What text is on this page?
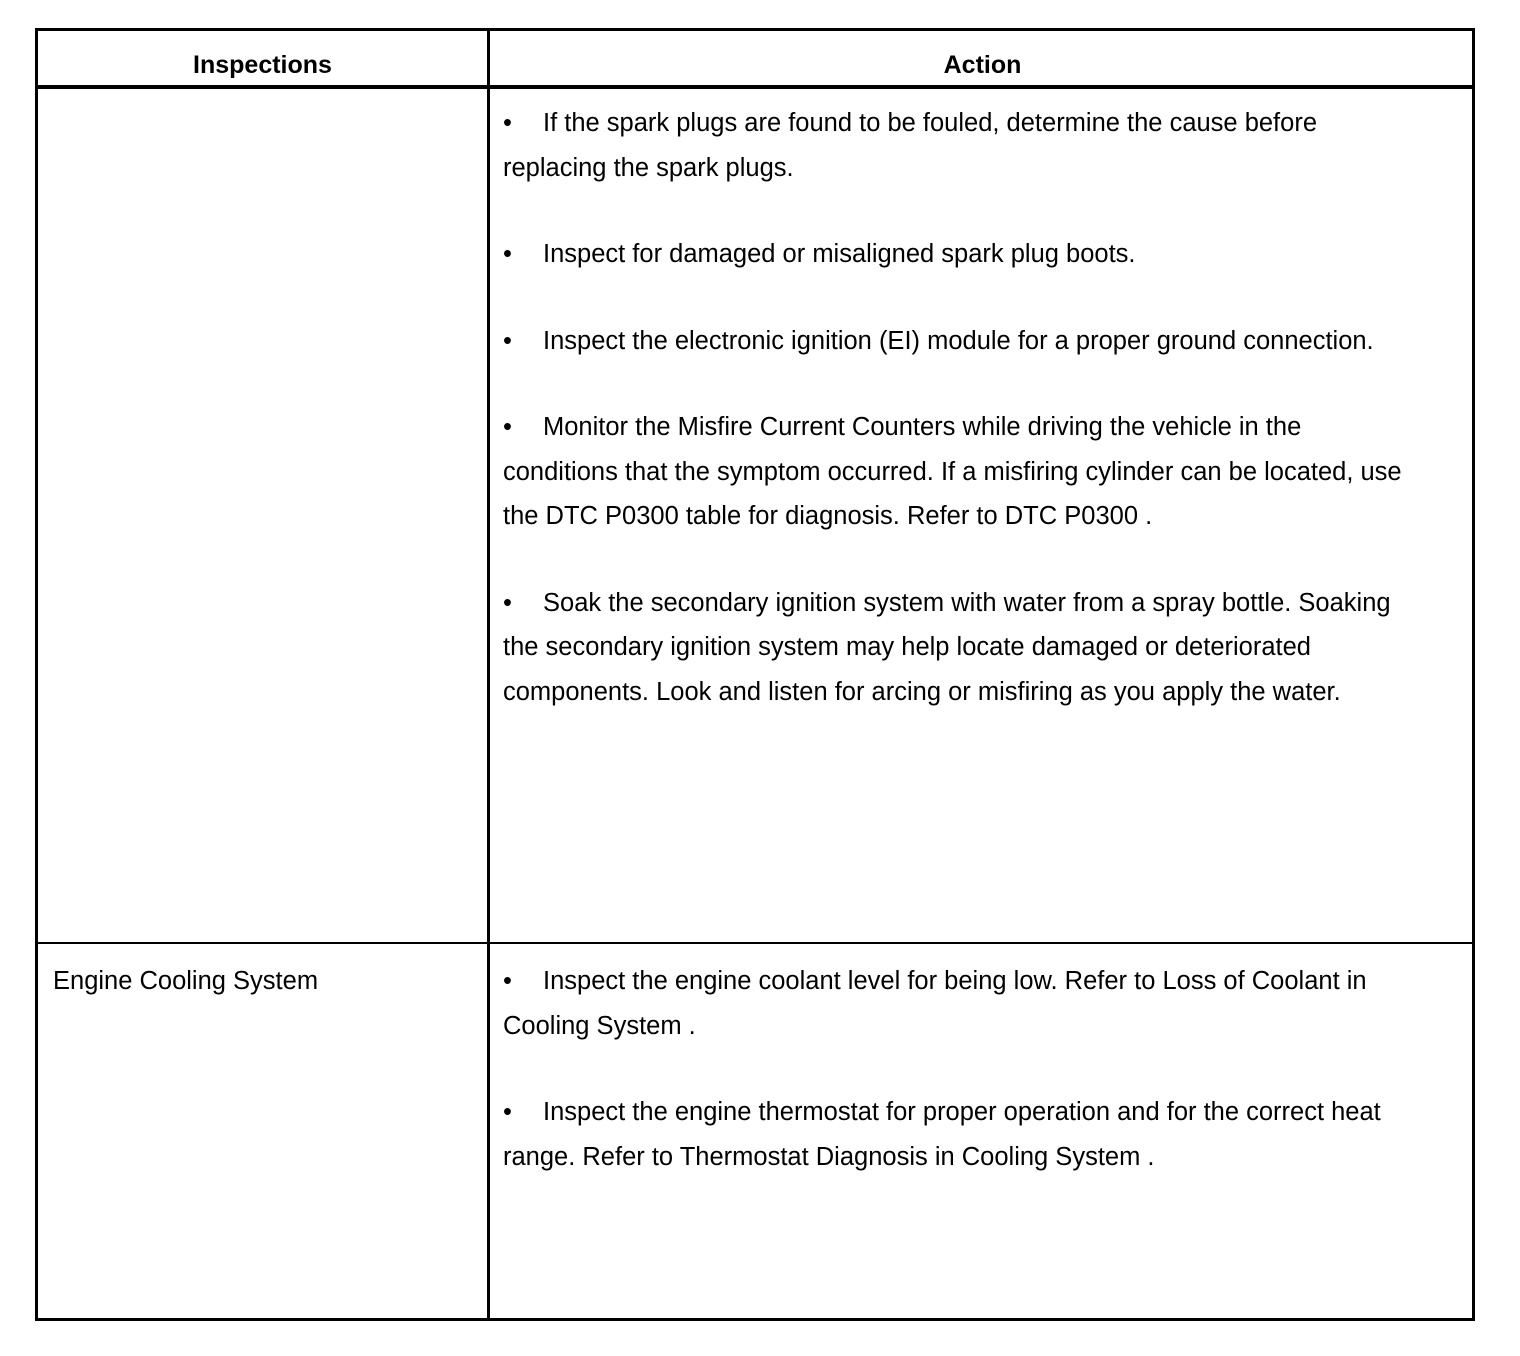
Inspections	Action

• If the spark plugs are found to be fouled, determine the cause before replacing the spark plugs.

• Inspect for damaged or misaligned spark plug boots.

• Inspect the electronic ignition (EI) module for a proper ground connection.

• Monitor the Misfire Current Counters while driving the vehicle in the conditions that the symptom occurred. If a misfiring cylinder can be located, use the DTC P0300 table for diagnosis. Refer to DTC P0300 .

• Soak the secondary ignition system with water from a spray bottle. Soaking the secondary ignition system may help locate damaged or deteriorated components. Look and listen for arcing or misfiring as you apply the water.

Engine Cooling System	• Inspect the engine coolant level for being low. Refer to Loss of Coolant in Cooling System .

• Inspect the engine thermostat for proper operation and for the correct heat range. Refer to Thermostat Diagnosis in Cooling System .
